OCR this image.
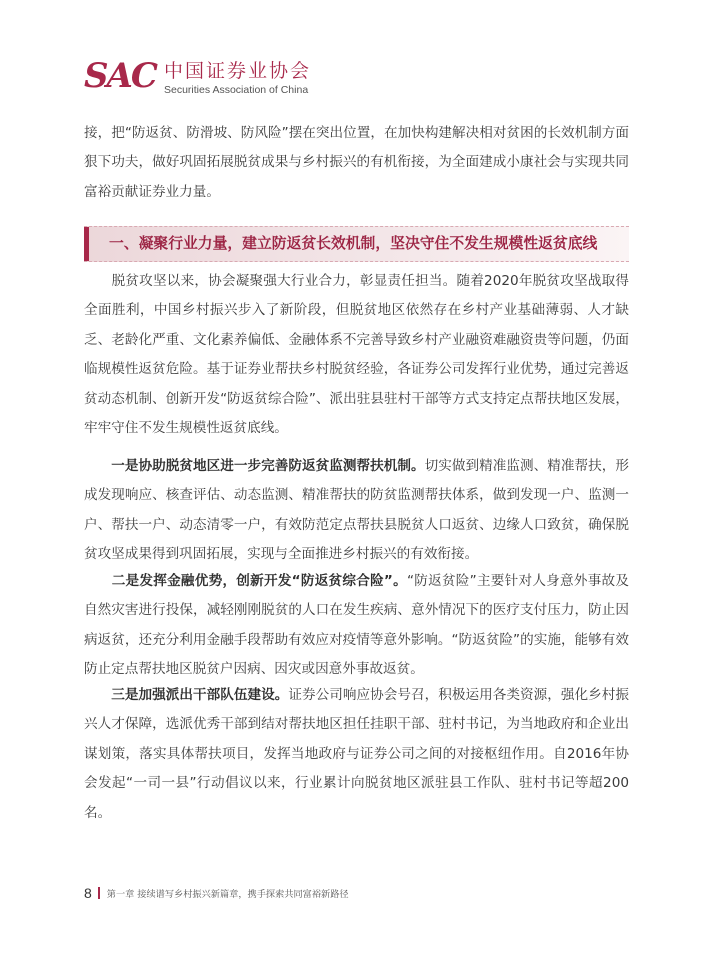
SAC 中国证券业协会
Securities Association of China

接，把“防返贫、防滑坡、防风险”摆在突出位置，在加快构建解决相对贫困的长效机制方面狠下功夫，做好巩固拓展脱贫成果与乡村振兴的有机衔接，为全面建成小康社会与实现共同富裕贡献证券业力量。

一、凝聚行业力量，建立防返贫长效机制，坚决守住不发生规模性返贫底线

　　脱贫攻坚以来，协会凝聚强大行业合力，彰显责任担当。随着2020年脱贫攻坚战取得全面胜利，中国乡村振兴步入了新阶段，但脱贫地区依然存在乡村产业基础薄弱、人才缺乏、老龄化严重、文化素养偏低、金融体系不完善导致乡村产业融资难融资贵等问题，仍面临规模性返贫危险。基于证券业帮扶乡村脱贫经验，各证券公司发挥行业优势，通过完善返贫动态机制、创新开发“防返贫综合险”、派出驻县驻村干部等方式支持定点帮扶地区发展，牢牢守住不发生规模性返贫底线。

　　一是协助脱贫地区进一步完善防返贫监测帮扶机制。切实做到精准监测、精准帮扶，形成发现响应、核查评估、动态监测、精准帮扶的防贫监测帮扶体系，做到发现一户、监测一户、帮扶一户、动态清零一户，有效防范定点帮扶县脱贫人口返贫、边缘人口致贫，确保脱贫攻坚成果得到巩固拓展，实现与全面推进乡村振兴的有效衔接。

　　二是发挥金融优势，创新开发“防返贫综合险”。“防返贫险”主要针对人身意外事故及自然灾害进行投保，减轻刚刚脱贫的人口在发生疾病、意外情况下的医疗支付压力，防止因病返贫，还充分利用金融手段帮助有效应对疫情等意外影响。“防返贫险”的实施，能够有效防止定点帮扶地区脱贫户因病、因灾或因意外事故返贫。

　　三是加强派出干部队伍建设。证券公司响应协会号召，积极运用各类资源，强化乡村振兴人才保障，选派优秀干部到结对帮扶地区担任挂职干部、驻村书记，为当地政府和企业出谋划策，落实具体帮扶项目，发挥当地政府与证券公司之间的对接枢纽作用。自2016年协会发起“一司一县”行动倡议以来，行业累计向脱贫地区派驻县工作队、驻村书记等超200名。

8 第一章 接续谱写乡村振兴新篇章，携手探索共同富裕新路径
